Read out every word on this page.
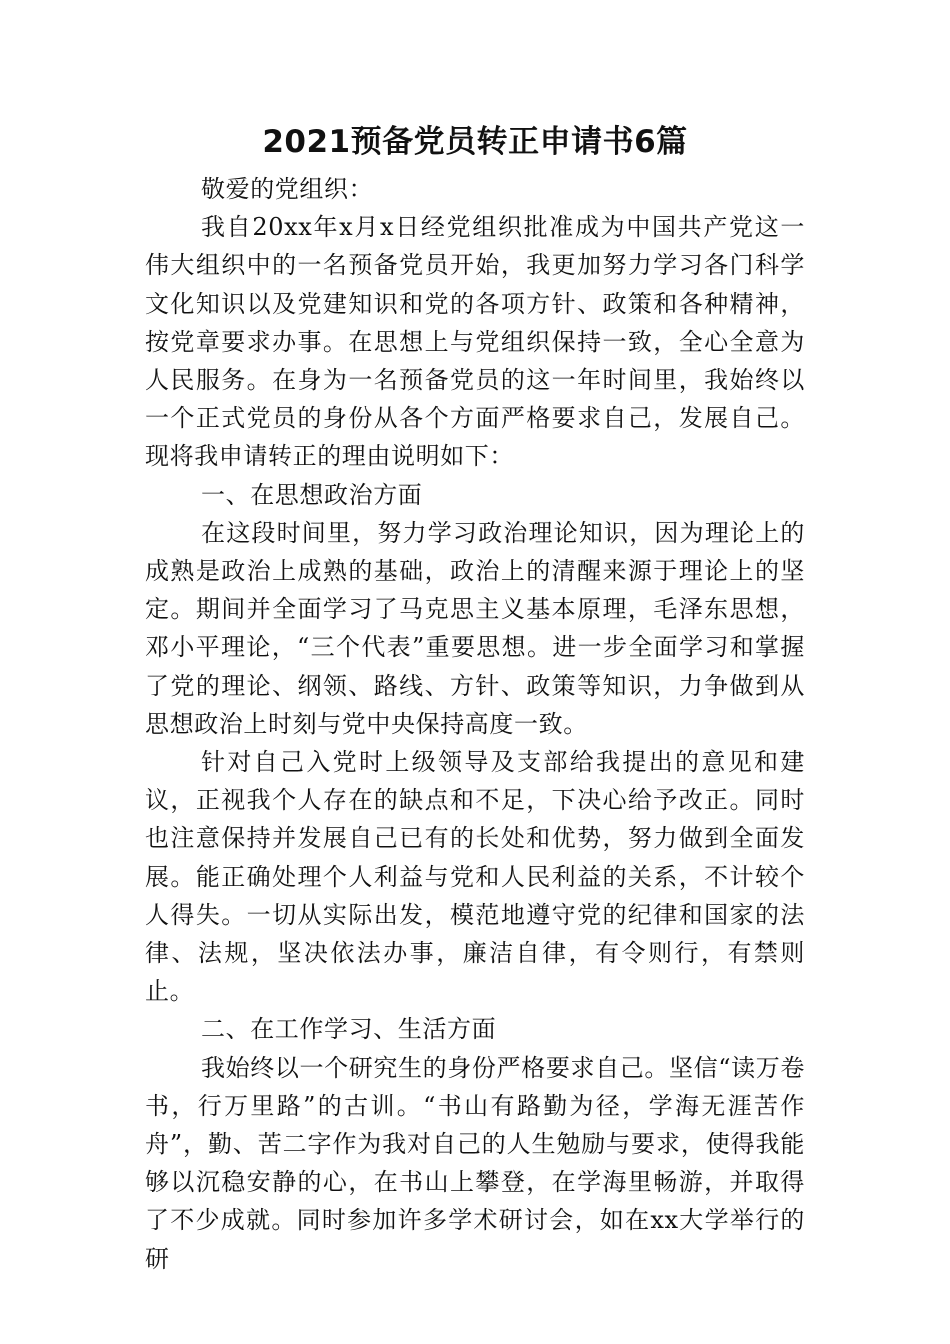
2021预备党员转正申请书6篇

敬爱的党组织：

我自20xx年x月x日经党组织批准成为中国共产党这一伟大组织中的一名预备党员开始，我更加努力学习各门科学文化知识以及党建知识和党的各项方针、政策和各种精神，按党章要求办事。在思想上与党组织保持一致，全心全意为人民服务。在身为一名预备党员的这一年时间里，我始终以一个正式党员的身份从各个方面严格要求自己，发展自己。现将我申请转正的理由说明如下：

一、在思想政治方面

在这段时间里，努力学习政治理论知识，因为理论上的成熟是政治上成熟的基础，政治上的清醒来源于理论上的坚定。期间并全面学习了马克思主义基本原理，毛泽东思想，邓小平理论，“三个代表”重要思想。进一步全面学习和掌握了党的理论、纲领、路线、方针、政策等知识，力争做到从思想政治上时刻与党中央保持高度一致。

针对自己入党时上级领导及支部给我提出的意见和建议，正视我个人存在的缺点和不足，下决心给予改正。同时也注意保持并发展自己已有的长处和优势，努力做到全面发展。能正确处理个人利益与党和人民利益的关系，不计较个人得失。一切从实际出发，模范地遵守党的纪律和国家的法律、法规，坚决依法办事，廉洁自律，有令则行，有禁则止。

二、在工作学习、生活方面

我始终以一个研究生的身份严格要求自己。坚信“读万卷书，行万里路”的古训。“书山有路勤为径，学海无涯苦作舟”，勤、苦二字作为我对自己的人生勉励与要求，使得我能够以沉稳安静的心，在书山上攀登，在学海里畅游，并取得了不少成就。同时参加许多学术研讨会，如在xx大学举行的研
